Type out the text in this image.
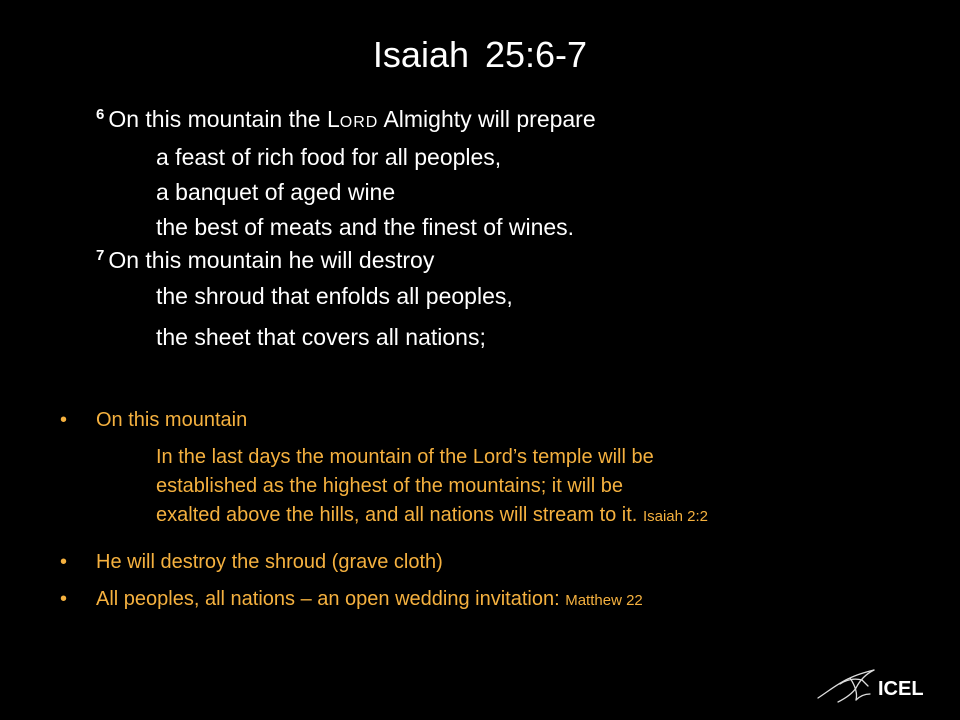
Isaiah 25:6-7
$^6$ On this mountain the LORD Almighty will prepare
a feast of rich food for all peoples,
a banquet of aged wine
the best of meats and the finest of wines.
$^7$ On this mountain he will destroy
the shroud that enfolds all peoples,
the sheet that covers all nations;
• On this mountain
In the last days the mountain of the Lord’s temple will be
established as the highest of the mountains; it will be
exalted above the hills, and all nations will stream to it. Isaiah 2:2
• He will destroy the shroud (grave cloth)
• All peoples, all nations – an open wedding invitation: Matthew 22
ICEL
